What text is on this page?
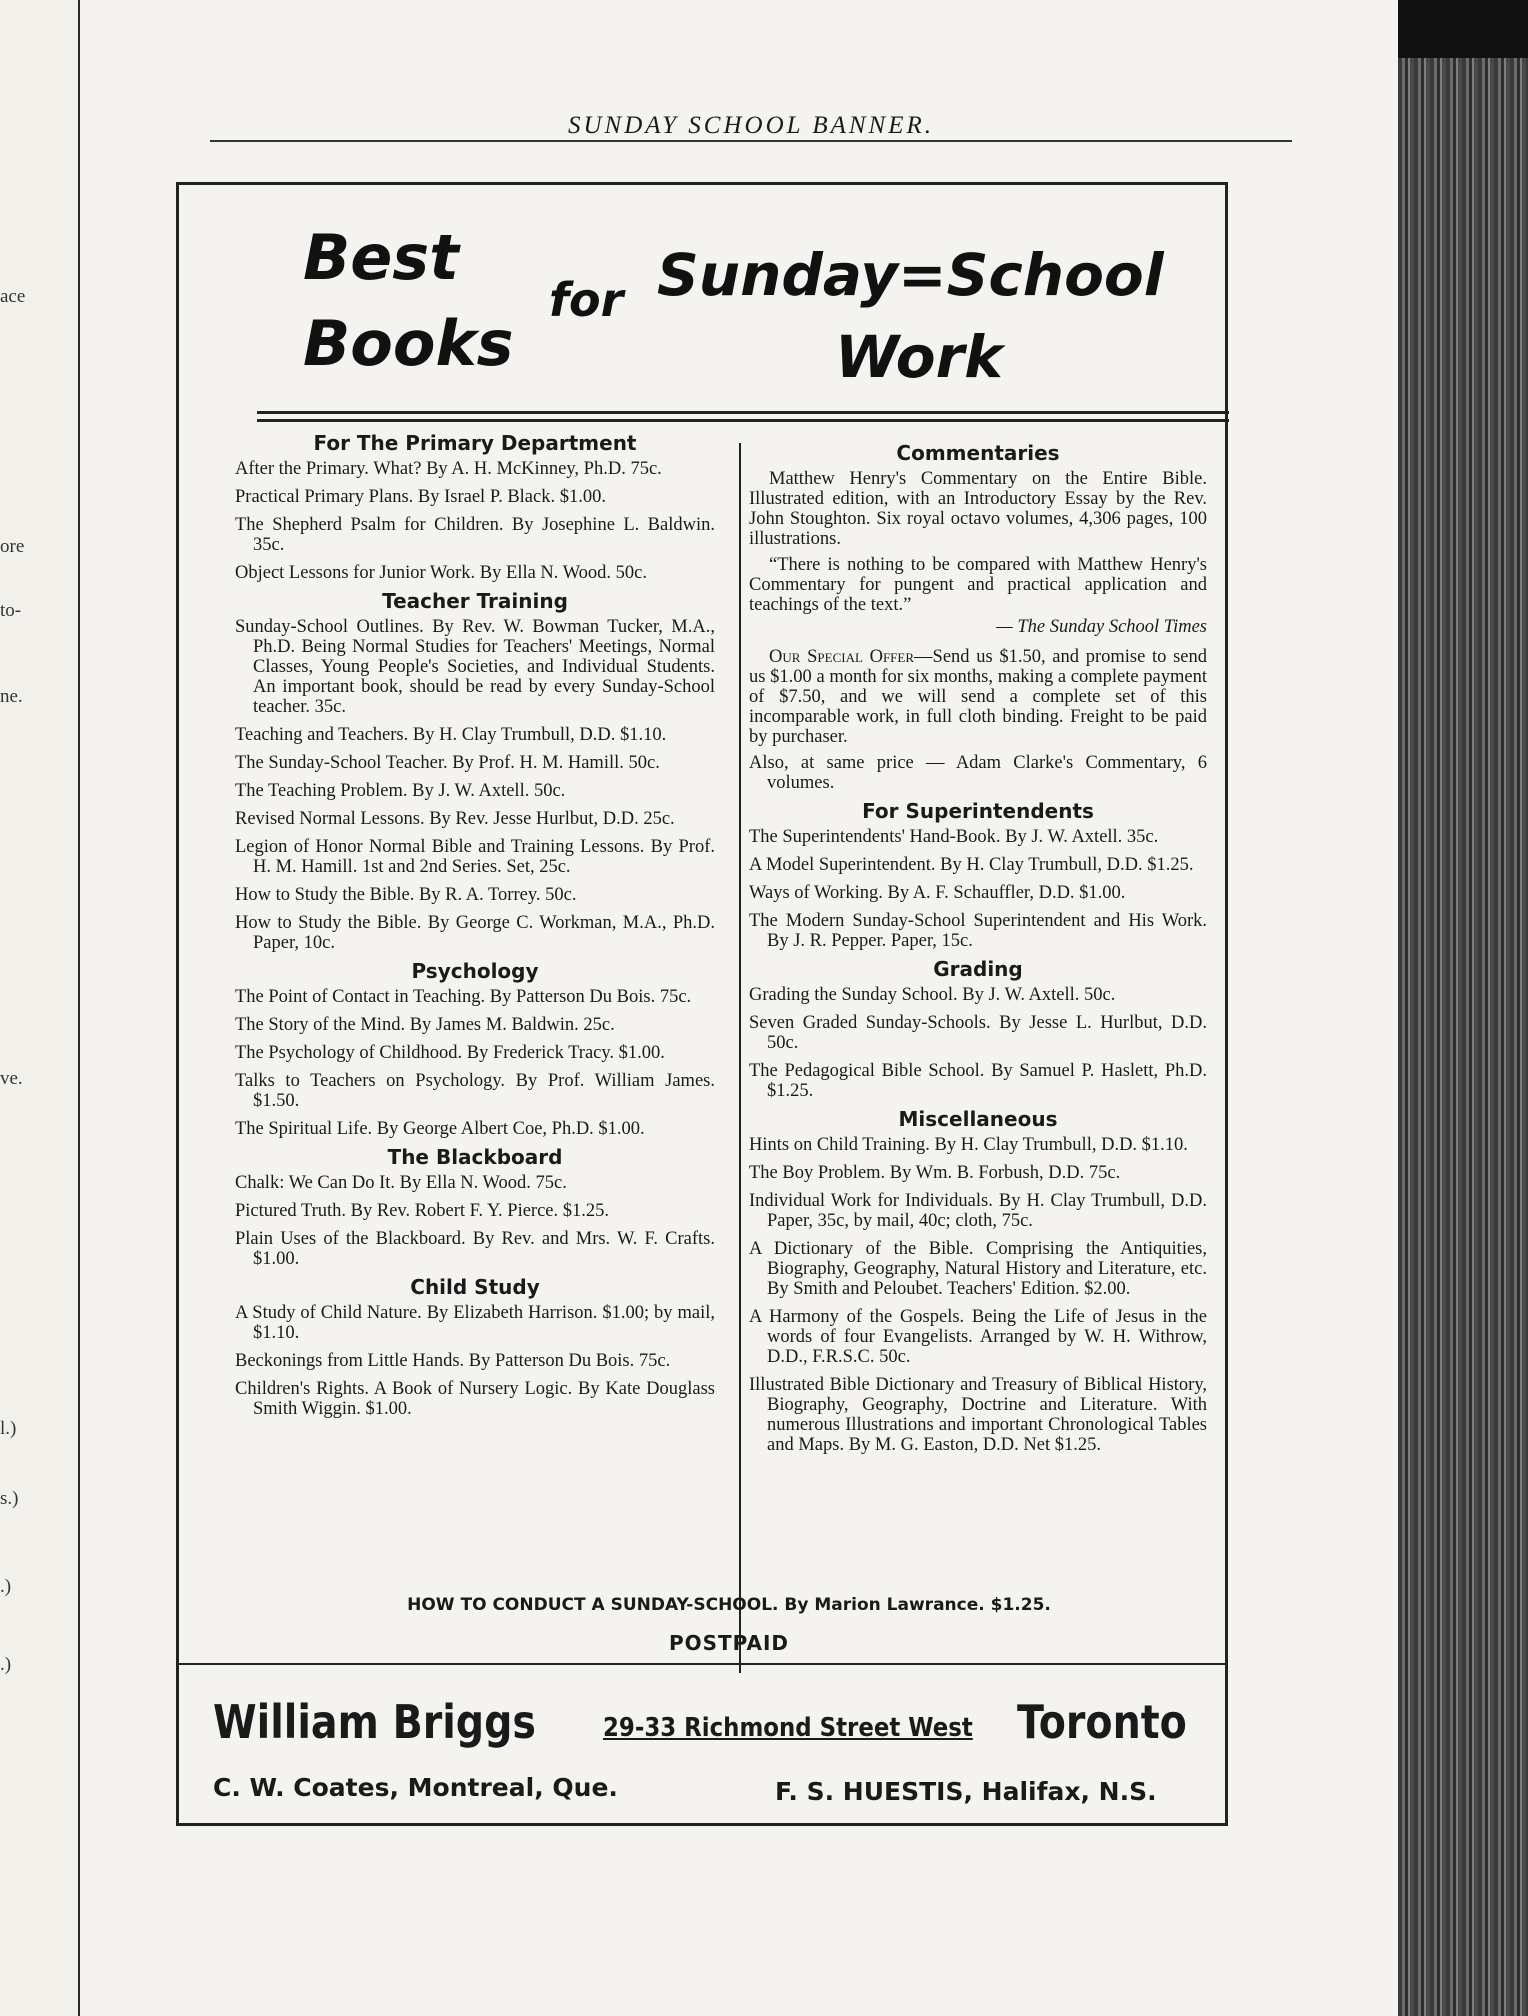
ace
ore
to-
ne.
ve.
l.)
s.)
.)
.)
SUNDAY SCHOOL BANNER.
Best
Books
for Sunday=School
Work
For The Primary Department
After the Primary. What? By A. H. McKinney, Ph.D. 75c.
Practical Primary Plans. By Israel P. Black. $1.00.
The Shepherd Psalm for Children. By Josephine L. Baldwin. 35c.
Object Lessons for Junior Work. By Ella N. Wood. 50c.
Teacher Training
Sunday-School Outlines. By Rev. W. Bowman Tucker, M.A., Ph.D. Being Normal Studies for Teachers' Meetings, Normal Classes, Young People's Societies, and Individual Students. An important book, should be read by every Sunday-School teacher. 35c.
Teaching and Teachers. By H. Clay Trumbull, D.D. $1.10.
The Sunday-School Teacher. By Prof. H. M. Hamill. 50c.
The Teaching Problem. By J. W. Axtell. 50c.
Revised Normal Lessons. By Rev. Jesse Hurlbut, D.D. 25c.
Legion of Honor Normal Bible and Training Lessons. By Prof. H. M. Hamill. 1st and 2nd Series. Set, 25c.
How to Study the Bible. By R. A. Torrey. 50c.
How to Study the Bible. By George C. Workman, M.A., Ph.D. Paper, 10c.
Psychology
The Point of Contact in Teaching. By Patterson Du Bois. 75c.
The Story of the Mind. By James M. Baldwin. 25c.
The Psychology of Childhood. By Frederick Tracy. $1.00.
Talks to Teachers on Psychology. By Prof. William James. $1.50.
The Spiritual Life. By George Albert Coe, Ph.D. $1.00.
The Blackboard
Chalk: We Can Do It. By Ella N. Wood. 75c.
Pictured Truth. By Rev. Robert F. Y. Pierce. $1.25.
Plain Uses of the Blackboard. By Rev. and Mrs. W. F. Crafts. $1.00.
Child Study
A Study of Child Nature. By Elizabeth Harrison. $1.00; by mail, $1.10.
Beckonings from Little Hands. By Patterson Du Bois. 75c.
Children's Rights. A Book of Nursery Logic. By Kate Douglass Smith Wiggin. $1.00.
Commentaries
Matthew Henry's Commentary on the Entire Bible. Illustrated edition, with an Introductory Essay by the Rev. John Stoughton. Six royal octavo volumes, 4,306 pages, 100 illustrations.
“There is nothing to be compared with Matthew Henry's Commentary for pungent and practical application and teachings of the text.”
— The Sunday School Times
Our Special Offer—Send us $1.50, and promise to send us $1.00 a month for six months, making a complete payment of $7.50, and we will send a complete set of this incomparable work, in full cloth binding. Freight to be paid by purchaser.
Also, at same price — Adam Clarke's Commentary, 6 volumes.
For Superintendents
The Superintendents' Hand-Book. By J. W. Axtell. 35c.
A Model Superintendent. By H. Clay Trumbull, D.D. $1.25.
Ways of Working. By A. F. Schauffler, D.D. $1.00.
The Modern Sunday-School Superintendent and His Work. By J. R. Pepper. Paper, 15c.
Grading
Grading the Sunday School. By J. W. Axtell. 50c.
Seven Graded Sunday-Schools. By Jesse L. Hurlbut, D.D. 50c.
The Pedagogical Bible School. By Samuel P. Haslett, Ph.D. $1.25.
Miscellaneous
Hints on Child Training. By H. Clay Trumbull, D.D. $1.10.
The Boy Problem. By Wm. B. Forbush, D.D. 75c.
Individual Work for Individuals. By H. Clay Trumbull, D.D. Paper, 35c, by mail, 40c; cloth, 75c.
A Dictionary of the Bible. Comprising the Antiquities, Biography, Geography, Natural History and Literature, etc. By Smith and Peloubet. Teachers' Edition. $2.00.
A Harmony of the Gospels. Being the Life of Jesus in the words of four Evangelists. Arranged by W. H. Withrow, D.D., F.R.S.C. 50c.
Illustrated Bible Dictionary and Treasury of Biblical History, Biography, Geography, Doctrine and Literature. With numerous Illustrations and important Chronological Tables and Maps. By M. G. Easton, D.D. Net $1.25.
HOW TO CONDUCT A SUNDAY-SCHOOL. By Marion Lawrance. $1.25.
POSTPAID
William Briggs	29-33 Richmond Street West Toronto
C. W. Coates, Montreal, Que.	F. S. HUESTIS, Halifax, N.S.
